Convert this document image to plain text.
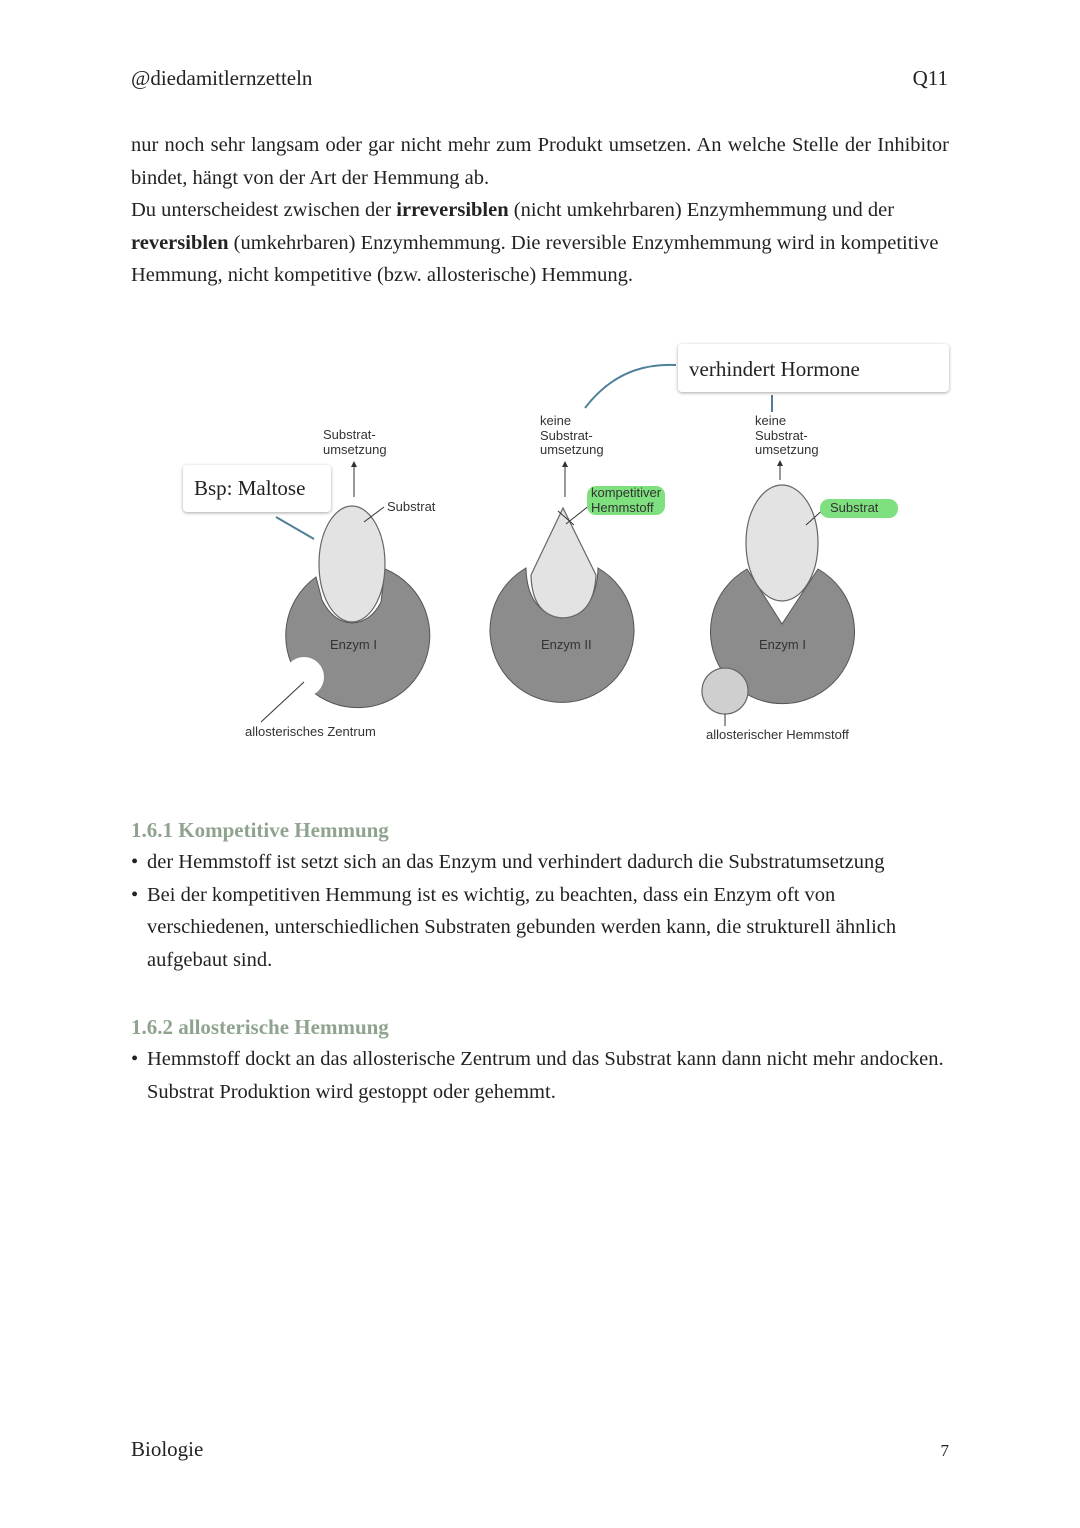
@diedamitlernzetteln	Q11

nur noch sehr langsam oder gar nicht mehr zum Produkt umsetzen. An welche Stelle der Inhibitor bindet, hängt von der Art der Hemmung ab.

Du unterscheidest zwischen der irreversiblen (nicht umkehrbaren) Enzymhemmung und der reversiblen (umkehrbaren) Enzymhemmung. Die reversible Enzymhemmung wird in kompetitive Hemmung, nicht kompetitive (bzw. allosterische) Hemmung.

verhindert Hormone
Bsp: Maltose
Substrat-
umsetzung
Substrat
Enzym I
allosterisches Zentrum
keine
Substrat-
umsetzung
kompetitiver
Hemmstoff
Enzym II
keine
Substrat-
umsetzung
Substrat
Enzym I
allosterischer Hemmstoff
1.6.1 Kompetitive Hemmung
• der Hemmstoff ist setzt sich an das Enzym und verhindert dadurch die Substratumsetzung
• Bei der kompetitiven Hemmung ist es wichtig, zu beachten, dass ein Enzym oft von verschiedenen, unterschiedlichen Substraten gebunden werden kann, die strukturell ähnlich aufgebaut sind.
1.6.2 allosterische Hemmung
• Hemmstoff dockt an das allosterische Zentrum und das Substrat kann dann nicht mehr andocken. Substrat Produktion wird gestoppt oder gehemmt.
Biologie	7
